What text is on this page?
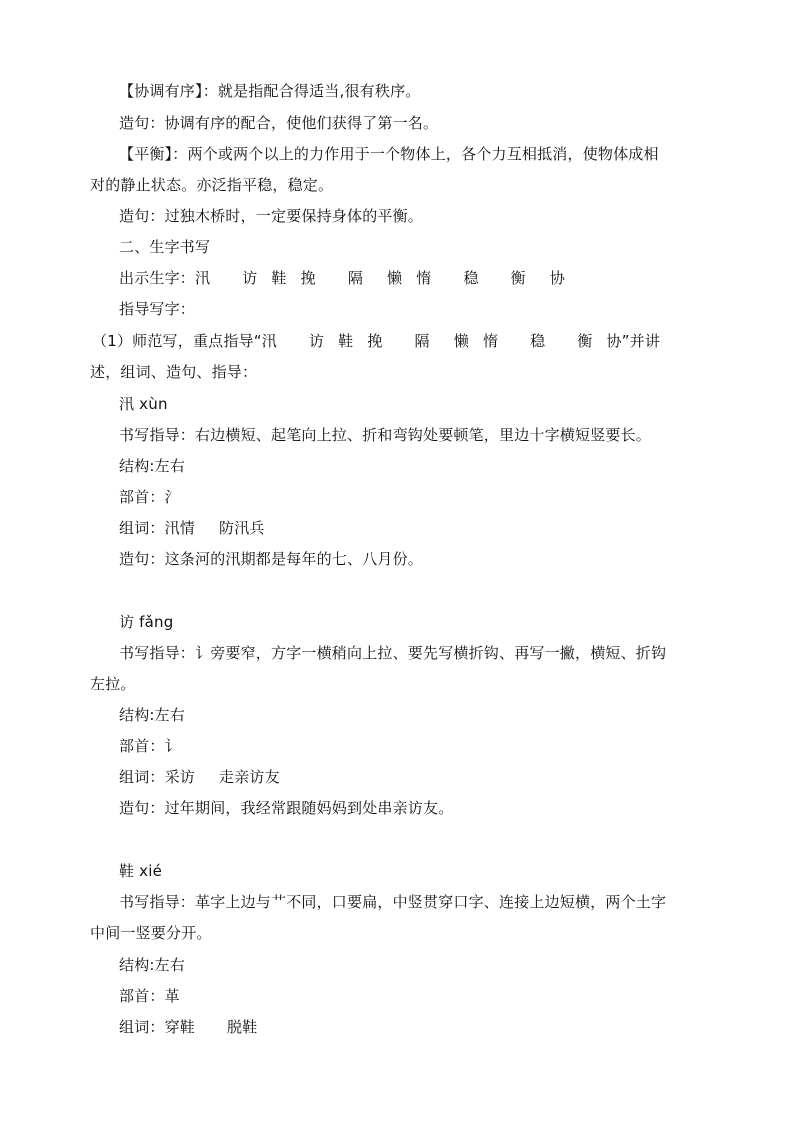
【协调有序】：就是指配合得适当,很有秩序。
造句：协调有序的配合，使他们获得了第一名。
【平衡】：两个或两个以上的力作用于一个物体上，各个力互相抵消，使物体成相
对的静止状态。亦泛指平稳，稳定。
造句：过独木桥时，一定要保持身体的平衡。
二、生字书写
出示生字：汛 访 鞋 挽 隔 懒 惰 稳 衡 协
指导写字：
（1）师范写，重点指导“汛 访 鞋 挽 隔 懒 惰 稳 衡 协”并讲
述，组词、造句、指导：
汛 xùn
书写指导：右边横短、起笔向上拉、折和弯钩处要顿笔，里边十字横短竖要长。
结构:左右
部首：氵
组词：汛情 防汛兵
造句：这条河的汛期都是每年的七、八月份。
访 fǎng
书写指导：讠旁要窄，方字一横稍向上拉、要先写横折钩、再写一撇，横短、折钩
左拉。
结构:左右
部首：讠
组词：采访 走亲访友
造句：过年期间，我经常跟随妈妈到处串亲访友。
鞋 xié
书写指导：革字上边与艹不同，口要扁，中竖贯穿口字、连接上边短横，两个土字
中间一竖要分开。
结构:左右
部首：革
组词：穿鞋 脱鞋
